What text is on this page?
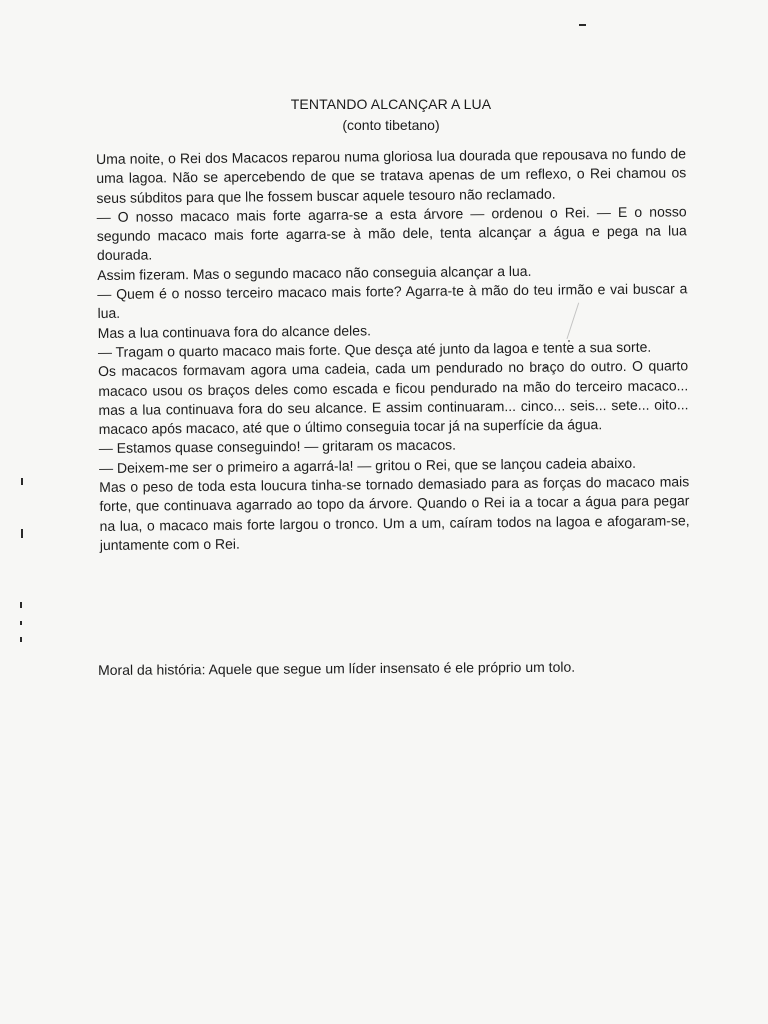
TENTANDO ALCANÇAR A LUA

(conto tibetano)

Uma noite, o Rei dos Macacos reparou numa gloriosa lua dourada que repousava no fundo de uma lagoa. Não se apercebendo de que se tratava apenas de um reflexo, o Rei chamou os seus súbditos para que lhe fossem buscar aquele tesouro não reclamado.

— O nosso macaco mais forte agarra-se a esta árvore — ordenou o Rei. — E o nosso segundo macaco mais forte agarra-se à mão dele, tenta alcançar a água e pega na lua dourada.

Assim fizeram. Mas o segundo macaco não conseguia alcançar a lua.

— Quem é o nosso terceiro macaco mais forte? Agarra-te à mão do teu irmão e vai buscar a lua.

Mas a lua continuava fora do alcance deles.

— Tragam o quarto macaco mais forte. Que desça até junto da lagoa e tente a sua sorte.

Os macacos formavam agora uma cadeia, cada um pendurado no braço do outro. O quarto macaco usou os braços deles como escada e ficou pendurado na mão do terceiro macaco... mas a lua continuava fora do seu alcance. E assim continuaram... cinco... seis... sete... oito... macaco após macaco, até que o último conseguia tocar já na superfície da água.

— Estamos quase conseguindo! — gritaram os macacos.

— Deixem-me ser o primeiro a agarrá-la! — gritou o Rei, que se lançou cadeia abaixo.

Mas o peso de toda esta loucura tinha-se tornado demasiado para as forças do macaco mais forte, que continuava agarrado ao topo da árvore. Quando o Rei ia a tocar a água para pegar na lua, o macaco mais forte largou o tronco. Um a um, caíram todos na lagoa e afogaram-se, juntamente com o Rei.

Moral da história: Aquele que segue um líder insensato é ele próprio um tolo.
